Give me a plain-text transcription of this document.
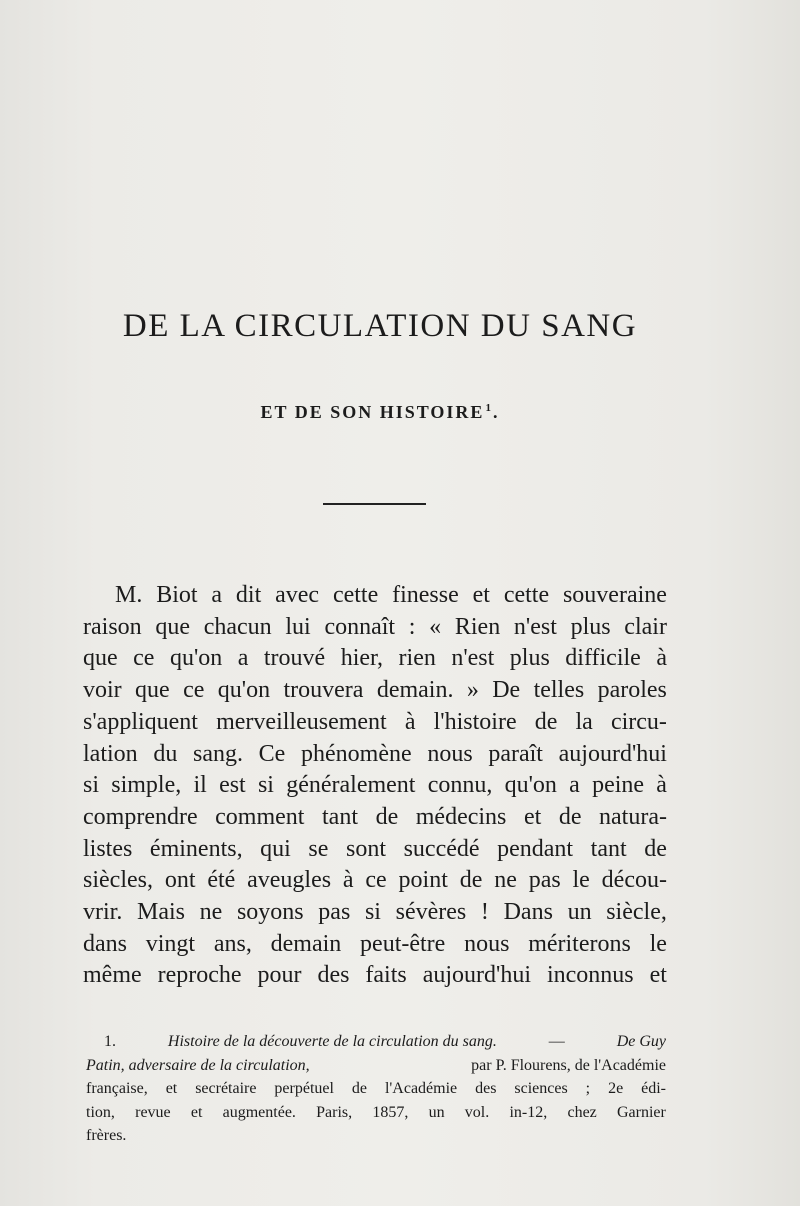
DE LA CIRCULATION DU SANG
ET DE SON HISTOIRE$^1$.
M. Biot a dit avec cette finesse et cette souveraine
raison que chacun lui connaît : « Rien n'est plus clair
que ce qu'on a trouvé hier, rien n'est plus difficile à
voir que ce qu'on trouvera demain. » De telles paroles
s'appliquent merveilleusement à l'histoire de la circu-
lation du sang. Ce phénomène nous paraît aujourd'hui
si simple, il est si généralement connu, qu'on a peine à
comprendre comment tant de médecins et de natura-
listes éminents, qui se sont succédé pendant tant de
siècles, ont été aveugles à ce point de ne pas le décou-
vrir. Mais ne soyons pas si sévères ! Dans un siècle,
dans vingt ans, demain peut-être nous mériterons le
même reproche pour des faits aujourd'hui inconnus et
1.	Histoire de la découverte de la circulation du sang.	—	De Guy
Patin, adversaire de la circulation,	par P. Flourens, de l'Académie
française, et secrétaire perpétuel de l'Académie des sciences ; 2e édi-
tion, revue et augmentée. Paris, 1857, un vol. in-12, chez Garnier
frères.
